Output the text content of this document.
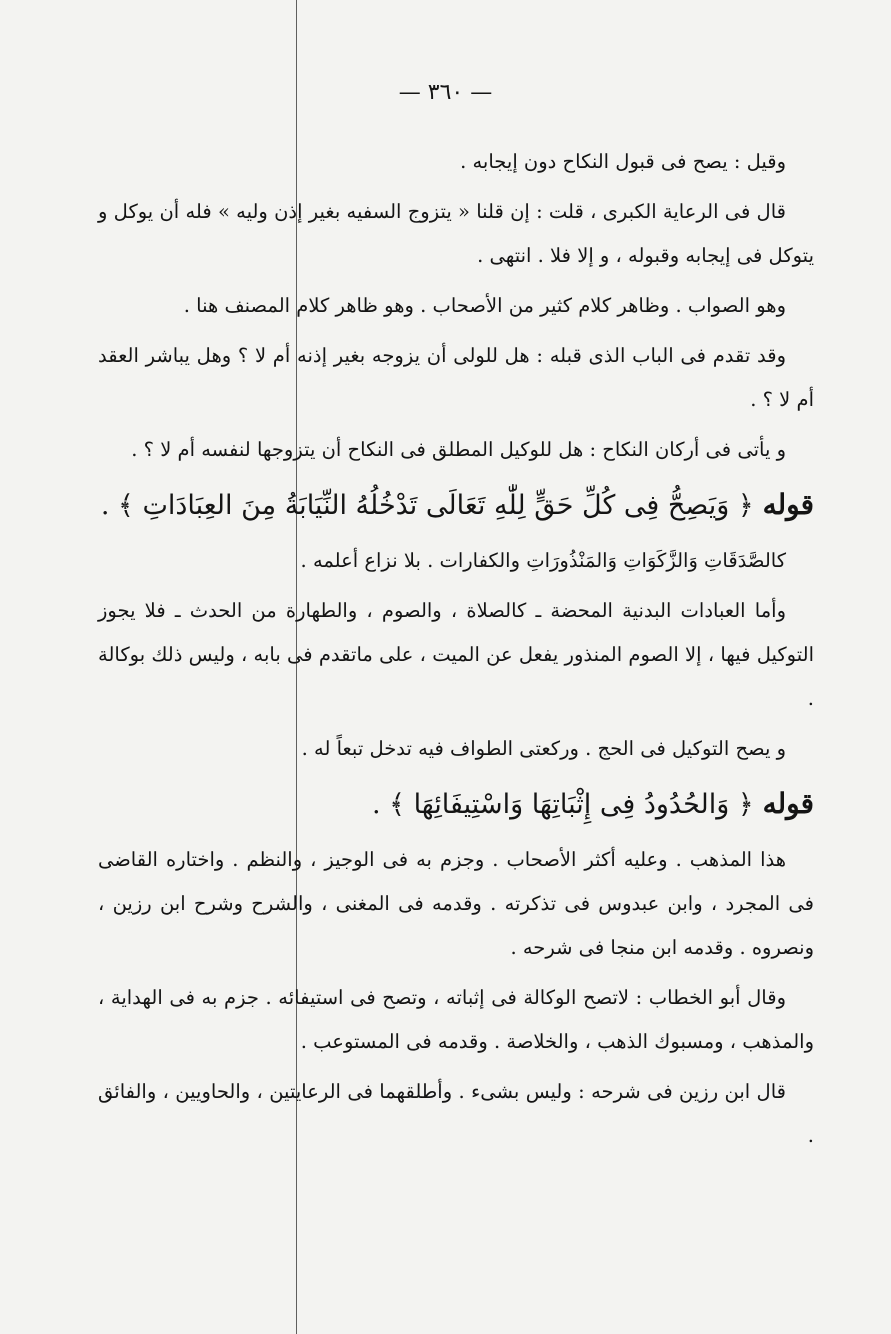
— ٣٦٠ —

وقيل : يصح فى قبول النكاح دون إيجابه .

قال فى الرعاية الكبرى ، قلت : إن قلنا « يتزوج السفيه بغير إذن وليه » فله أن يوكل و يتوكل فى إيجابه وقبوله ، و إلا فلا . انتهى .

وهو الصواب . وظاهر كلام كثير من الأصحاب . وهو ظاهر كلام المصنف هنا .

وقد تقدم فى الباب الذى قبله : هل للولى أن يزوجه بغير إذنه أم لا ؟ وهل يباشر العقد أم لا ؟ .

و يأتى فى أركان النكاح : هل للوكيل المطلق فى النكاح أن يتزوجها لنفسه أم لا ؟ .

قوله ﴿ وَيَصِحُّ فِى كُلِّ حَقٍّ لِلّٰهِ تَعَالَى تَدْخُلُهُ النِّيَابَةُ مِنَ العِبَادَاتِ ﴾ .

كالصَّدَقَاتِ وَالزَّكَوَاتِ وَالمَنْذُورَاتِ والكفارات . بلا نزاع أعلمه .

وأما العبادات البدنية المحضة ـ كالصلاة ، والصوم ، والطهارة من الحدث ـ فلا يجوز التوكيل فيها ، إلا الصوم المنذور يفعل عن الميت ، على ماتقدم فى بابه ، وليس ذلك بوكالة .

و يصح التوكيل فى الحج . وركعتى الطواف فيه تدخل تبعاً له .

قوله ﴿ وَالحُدُودُ فِى إِثْبَاتِهَا وَاسْتِيفَائِهَا ﴾ .

هذا المذهب . وعليه أكثر الأصحاب . وجزم به فى الوجيز ، والنظم . واختاره القاضى فى المجرد ، وابن عبدوس فى تذكرته . وقدمه فى المغنى ، والشرح وشرح ابن رزين ، ونصروه . وقدمه ابن منجا فى شرحه .

وقال أبو الخطاب : لاتصح الوكالة فى إثباته ، وتصح فى استيفائه . جزم به فى الهداية ، والمذهب ، ومسبوك الذهب ، والخلاصة . وقدمه فى المستوعب .

قال ابن رزين فى شرحه : وليس بشىء . وأطلقهما فى الرعايتين ، والحاويين ، والفائق .
